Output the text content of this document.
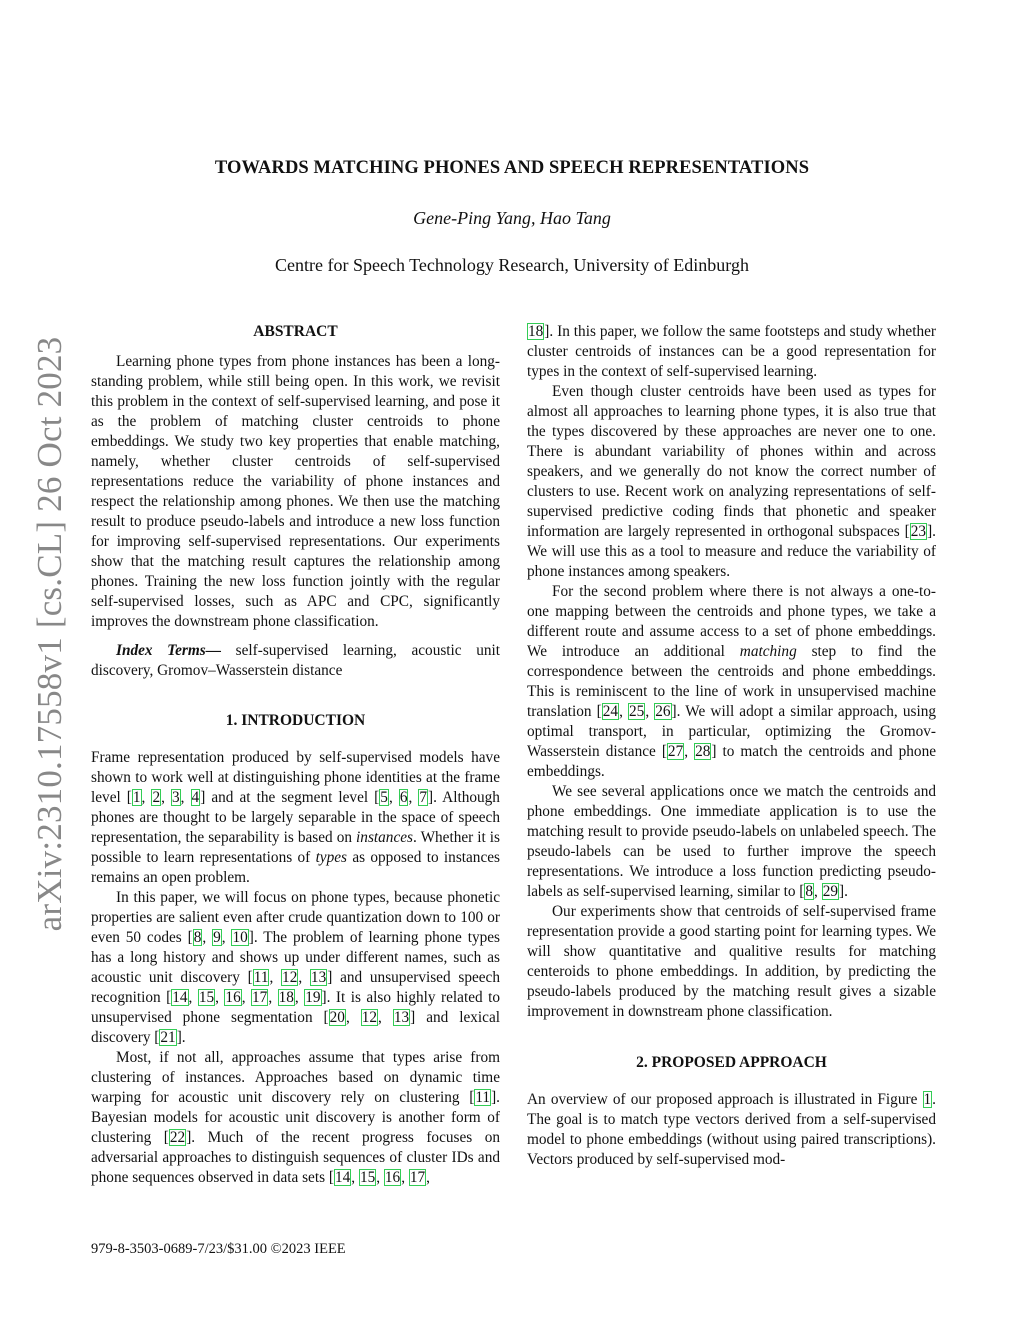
TOWARDS MATCHING PHONES AND SPEECH REPRESENTATIONS
Gene-Ping Yang, Hao Tang
Centre for Speech Technology Research, University of Edinburgh
arXiv:2310.17558v1 [cs.CL] 26 Oct 2023
ABSTRACT

Learning phone types from phone instances has been a long-standing problem, while still being open. In this work, we revisit this problem in the context of self-supervised learning, and pose it as the problem of matching cluster centroids to phone embeddings. We study two key properties that enable matching, namely, whether cluster centroids of self-supervised representations reduce the variability of phone instances and respect the relationship among phones. We then use the matching result to produce pseudo-labels and introduce a new loss function for improving self-supervised representations. Our experiments show that the matching result captures the relationship among phones. Training the new loss function jointly with the regular self-supervised losses, such as APC and CPC, significantly improves the downstream phone classification.

Index Terms— self-supervised learning, acoustic unit discovery, Gromov–Wasserstein distance

1. INTRODUCTION

Frame representation produced by self-supervised models have shown to work well at distinguishing phone identities at the frame level [1, 2, 3, 4] and at the segment level [5, 6, 7]. Although phones are thought to be largely separable in the space of speech representation, the separability is based on instances. Whether it is possible to learn representations of types as opposed to instances remains an open problem.

In this paper, we will focus on phone types, because phonetic properties are salient even after crude quantization down to 100 or even 50 codes [8, 9, 10]. The problem of learning phone types has a long history and shows up under different names, such as acoustic unit discovery [11, 12, 13] and unsupervised speech recognition [14, 15, 16, 17, 18, 19]. It is also highly related to unsupervised phone segmentation [20, 12, 13] and lexical discovery [21].

Most, if not all, approaches assume that types arise from clustering of instances. Approaches based on dynamic time warping for acoustic unit discovery rely on clustering [11]. Bayesian models for acoustic unit discovery is another form of clustering [22]. Much of the recent progress focuses on adversarial approaches to distinguish sequences of cluster IDs and phone sequences observed in data sets [14, 15, 16, 17,

18]. In this paper, we follow the same footsteps and study whether cluster centroids of instances can be a good representation for types in the context of self-supervised learning.

Even though cluster centroids have been used as types for almost all approaches to learning phone types, it is also true that the types discovered by these approaches are never one to one. There is abundant variability of phones within and across speakers, and we generally do not know the correct number of clusters to use. Recent work on analyzing representations of self-supervised predictive coding finds that phonetic and speaker information are largely represented in orthogonal subspaces [23]. We will use this as a tool to measure and reduce the variability of phone instances among speakers.

For the second problem where there is not always a one-to-one mapping between the centroids and phone types, we take a different route and assume access to a set of phone embeddings. We introduce an additional matching step to find the correspondence between the centroids and phone embeddings. This is reminiscent to the line of work in unsupervised machine translation [24, 25, 26]. We will adopt a similar approach, using optimal transport, in particular, optimizing the Gromov-Wasserstein distance [27, 28] to match the centroids and phone embeddings.

We see several applications once we match the centroids and phone embeddings. One immediate application is to use the matching result to provide pseudo-labels on unlabeled speech. The pseudo-labels can be used to further improve the speech representations. We introduce a loss function predicting pseudo-labels as self-supervised learning, similar to [8, 29].

Our experiments show that centroids of self-supervised frame representation provide a good starting point for learning types. We will show quantitative and qualitive results for matching centeroids to phone embeddings. In addition, by predicting the pseudo-labels produced by the matching result gives a sizable improvement in downstream phone classification.

2. PROPOSED APPROACH

An overview of our proposed approach is illustrated in Figure 1. The goal is to match type vectors derived from a self-supervised model to phone embeddings (without using paired transcriptions). Vectors produced by self-supervised mod-

979-8-3503-0689-7/23/$31.00 ©2023 IEEE
